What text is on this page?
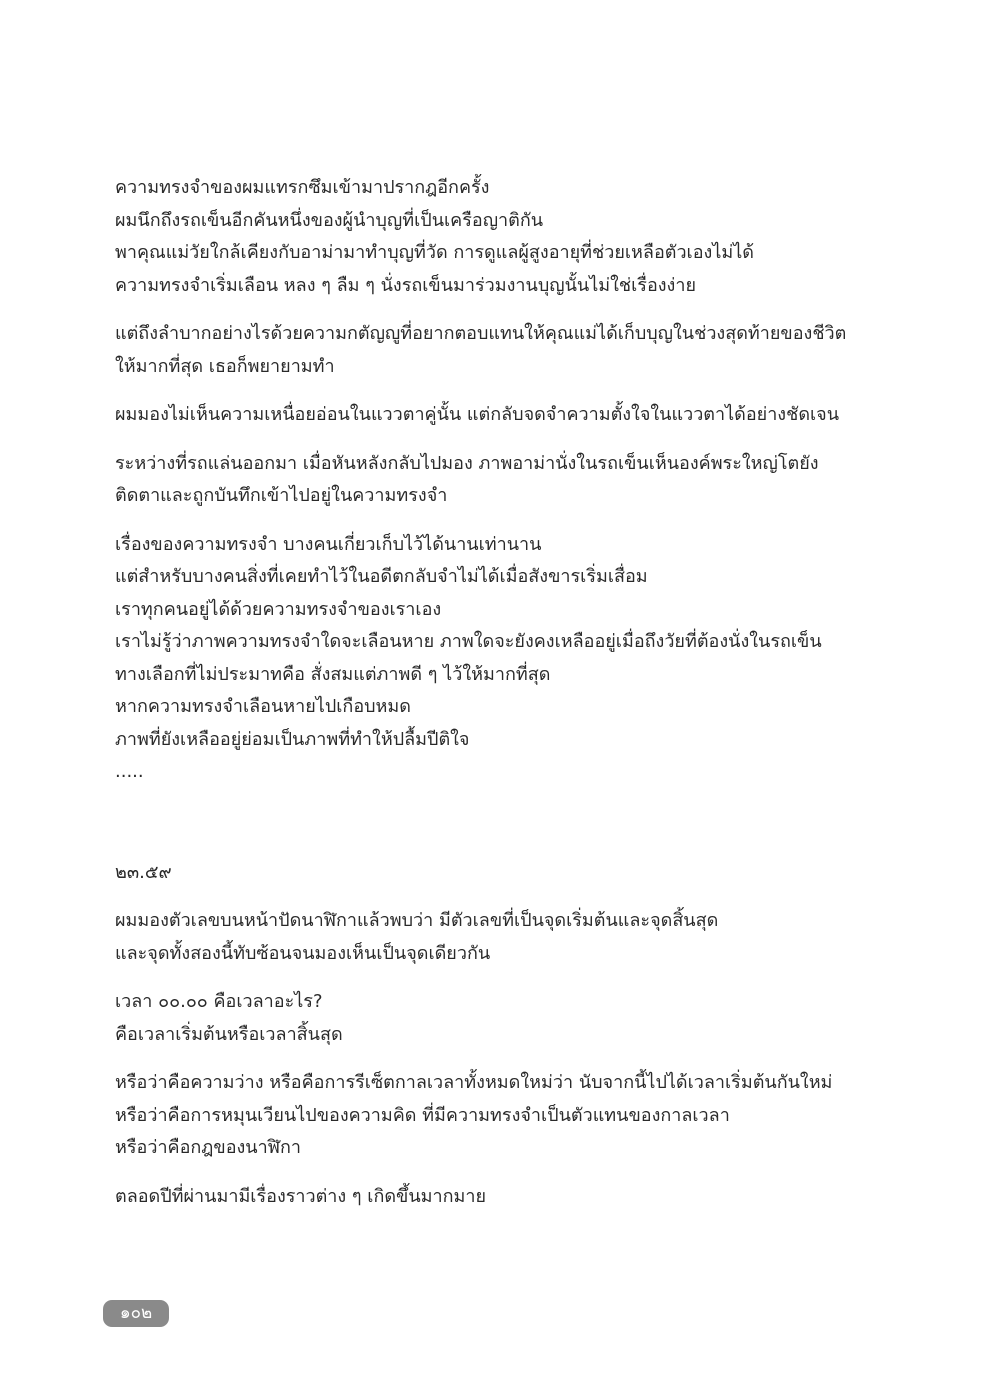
ความทรงจำของผมแทรกซึมเข้ามาปรากฎอีกครั้ง

ผมนึกถึงรถเข็นอีกคันหนึ่งของผู้นำบุญที่เป็นเครือญาติกัน

พาคุณแม่วัยใกล้เคียงกับอาม่ามาทำบุญที่วัด การดูแลผู้สูงอายุที่ช่วยเหลือตัวเองไม่ได้

ความทรงจำเริ่มเลือน หลง ๆ ลืม ๆ นั่งรถเข็นมาร่วมงานบุญนั้นไม่ใช่เรื่องง่าย

แต่ถึงลำบากอย่างไรด้วยความกตัญญูที่อยากตอบแทนให้คุณแม่ได้เก็บบุญในช่วงสุดท้ายของชีวิต

ให้มากที่สุด เธอก็พยายามทำ

ผมมองไม่เห็นความเหนื่อยอ่อนในแววตาคู่นั้น แต่กลับจดจำความตั้งใจในแววตาได้อย่างชัดเจน

ระหว่างที่รถแล่นออกมา เมื่อหันหลังกลับไปมอง ภาพอาม่านั่งในรถเข็นเห็นองค์พระใหญ่โตยัง

ติดตาและถูกบันทึกเข้าไปอยู่ในความทรงจำ

เรื่องของความทรงจำ บางคนเกี่ยวเก็บไว้ได้นานเท่านาน

แต่สำหรับบางคนสิ่งที่เคยทำไว้ในอดีตกลับจำไม่ได้เมื่อสังขารเริ่มเสื่อม

เราทุกคนอยู่ได้ด้วยความทรงจำของเราเอง

เราไม่รู้ว่าภาพความทรงจำใดจะเลือนหาย ภาพใดจะยังคงเหลืออยู่เมื่อถึงวัยที่ต้องนั่งในรถเข็น

ทางเลือกที่ไม่ประมาทคือ สั่งสมแต่ภาพดี ๆ ไว้ให้มากที่สุด

หากความทรงจำเลือนหายไปเกือบหมด

ภาพที่ยังเหลืออยู่ย่อมเป็นภาพที่ทำให้ปลื้มปีติใจ

.....

๒๓.๕๙

ผมมองตัวเลขบนหน้าปัดนาฬิกาแล้วพบว่า มีตัวเลขที่เป็นจุดเริ่มต้นและจุดสิ้นสุด

และจุดทั้งสองนี้ทับซ้อนจนมองเห็นเป็นจุดเดียวกัน

เวลา ๐๐.๐๐ คือเวลาอะไร?

คือเวลาเริ่มต้นหรือเวลาสิ้นสุด

หรือว่าคือความว่าง หรือคือการรีเซ็ตกาลเวลาทั้งหมดใหม่ว่า นับจากนี้ไปได้เวลาเริ่มต้นกันใหม่

หรือว่าคือการหมุนเวียนไปของความคิด ที่มีความทรงจำเป็นตัวแทนของกาลเวลา

หรือว่าคือกฎของนาฬิกา

ตลอดปีที่ผ่านมามีเรื่องราวต่าง ๆ เกิดขึ้นมากมาย

๑๐๒
